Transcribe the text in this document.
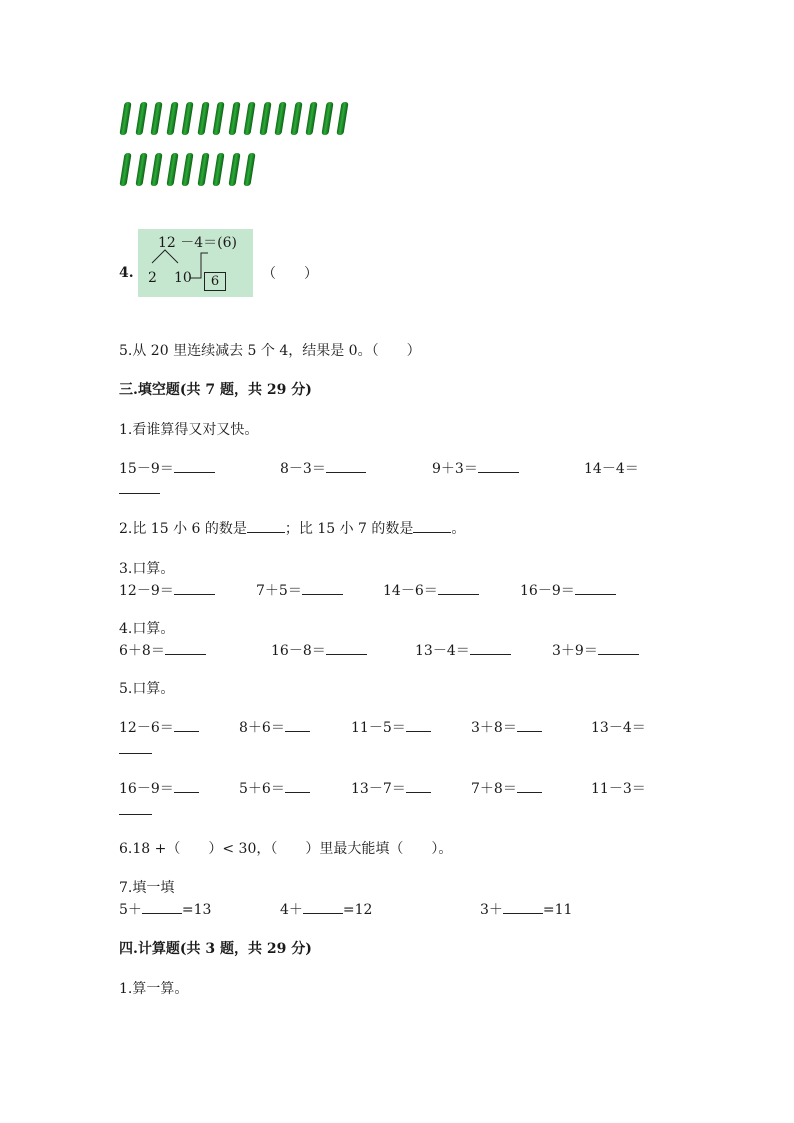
4.
12 －4＝(6)
2 10	6	（　　）
5.从 20 里连续减去 5 个 4，结果是 0。（　　）
三.填空题(共 7 题，共 29 分)
1.看谁算得又对又快。
15－9＝	8－3＝	9＋3＝	14－4＝
2.比 15 小 6 的数是	；比 15 小 7 的数是	。
3.口算。
12－9＝	7＋5＝	14－6＝	16－9＝
4.口算。
6＋8＝	16－8＝	13－4＝	3＋9＝
5.口算。
12－6＝	8＋6＝	11－5＝	3＋8＝	13－4＝
16－9＝	5＋6＝	13－7＝	7＋8＝	11－3＝
6.18 +（　　）< 30，（　　）里最大能填（　　）。
7.填一填
5＋	=13	4＋	=12	3＋	=11
四.计算题(共 3 题，共 29 分)
1.算一算。
